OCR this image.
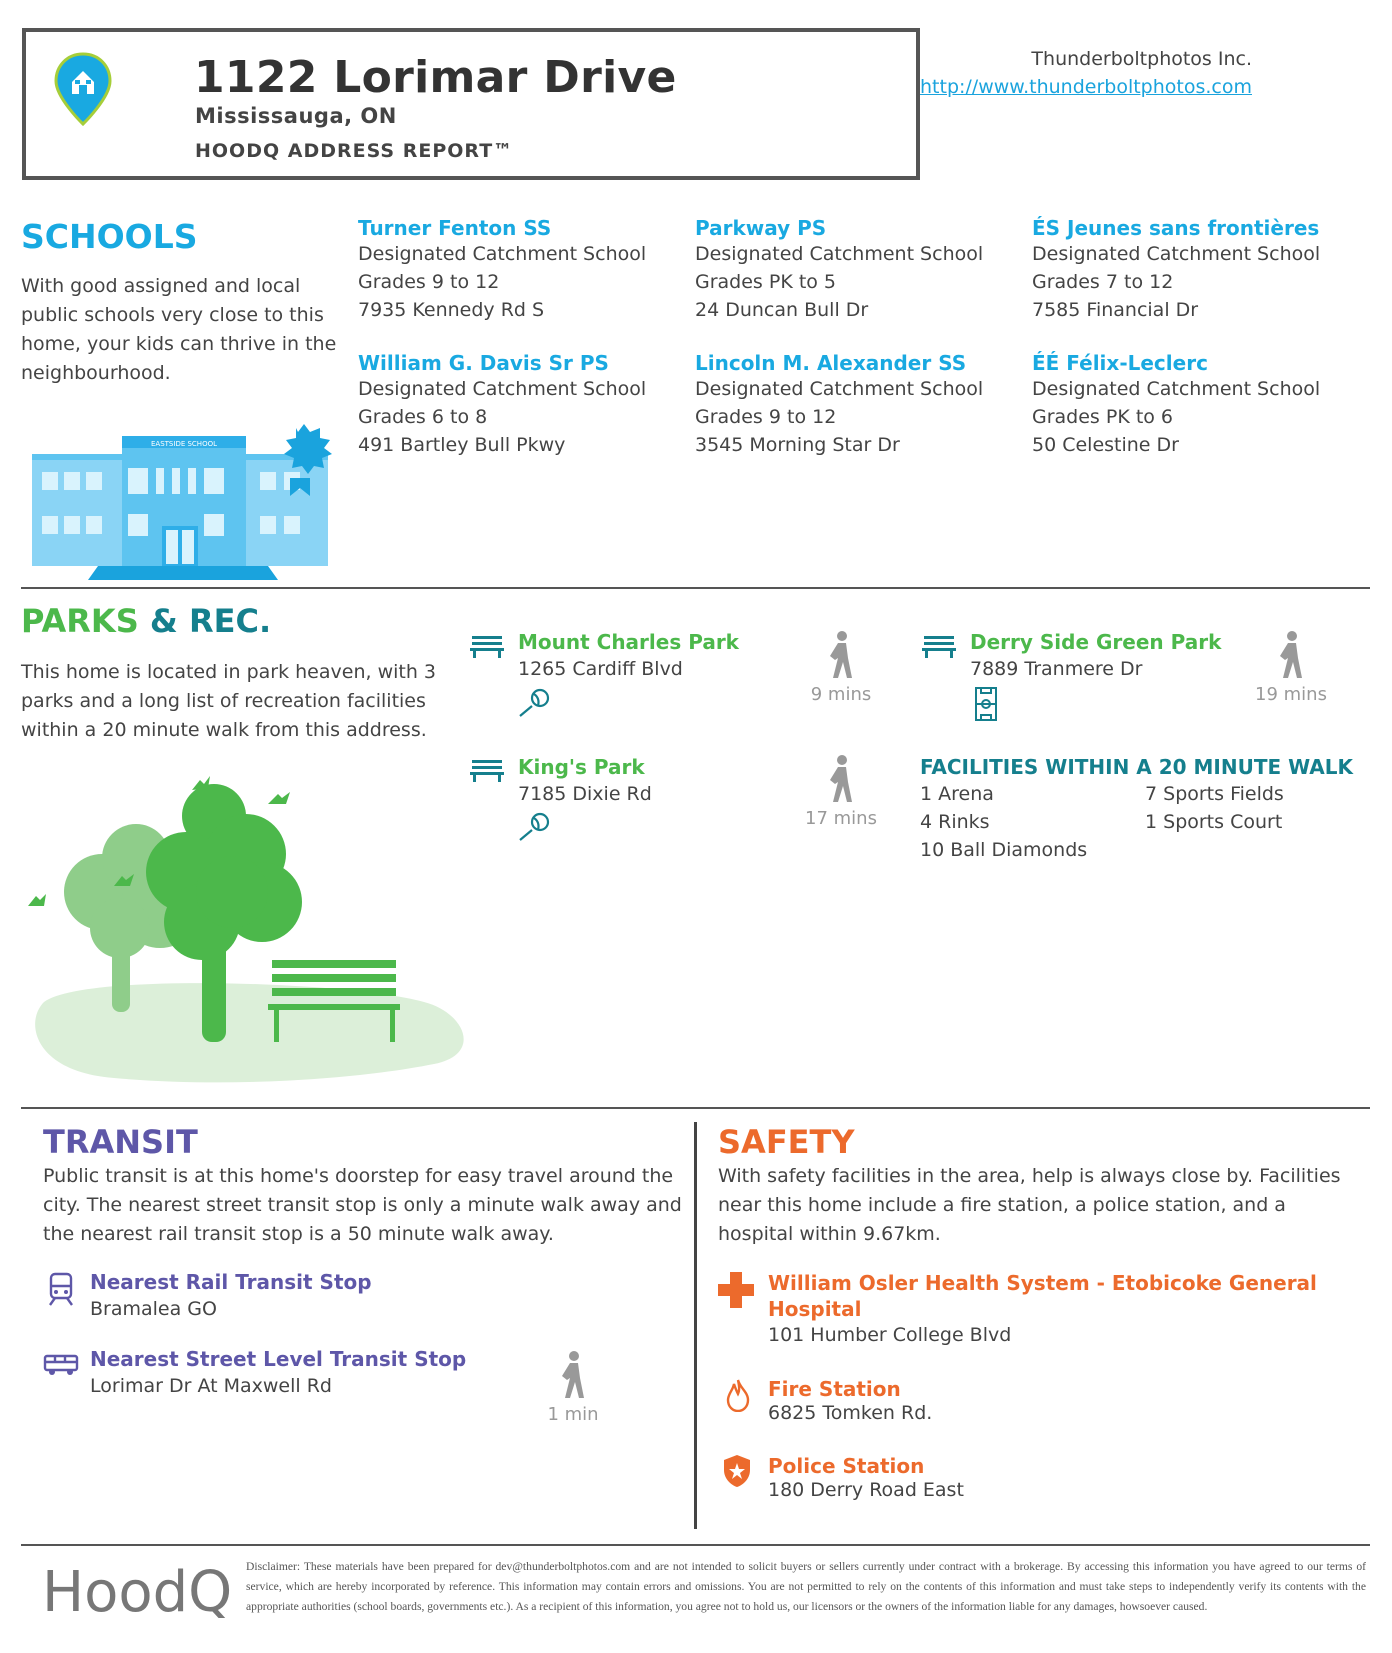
1122 Lorimar Drive
Mississauga, ON
HOODQ ADDRESS REPORT™
Thunderboltphotos Inc.
http://www.thunderboltphotos.com
SCHOOLS
With good assigned and local public schools very close to this home, your kids can thrive in the neighbourhood.
EASTSIDE SCHOOL
Turner Fenton SS
Designated Catchment School
Grades 9 to 12
7935 Kennedy Rd S
Parkway PS
Designated Catchment School
Grades PK to 5
24 Duncan Bull Dr
ÉS Jeunes sans frontières
Designated Catchment School
Grades 7 to 12
7585 Financial Dr
William G. Davis Sr PS
Designated Catchment School
Grades 6 to 8
491 Bartley Bull Pkwy
Lincoln M. Alexander SS
Designated Catchment School
Grades 9 to 12
3545 Morning Star Dr
ÉÉ Félix-Leclerc
Designated Catchment School
Grades PK to 6
50 Celestine Dr
PARKS & REC.
This home is located in park heaven, with 3 parks and a long list of recreation facilities within a 20 minute walk from this address.
Mount Charles Park
1265 Cardiff Blvd
9 mins
Derry Side Green Park
7889 Tranmere Dr
19 mins
King's Park
7185 Dixie Rd
17 mins
FACILITIES WITHIN A 20 MINUTE WALK
1 Arena
4 Rinks
10 Ball Diamonds
7 Sports Fields
1 Sports Court
TRANSIT
Public transit is at this home's doorstep for easy travel around the city. The nearest street transit stop is only a minute walk away and the nearest rail transit stop is a 50 minute walk away.
Nearest Rail Transit Stop
Bramalea GO
Nearest Street Level Transit Stop
Lorimar Dr At Maxwell Rd
1 min
SAFETY
With safety facilities in the area, help is always close by. Facilities near this home include a fire station, a police station, and a hospital within 9.67km.
William Osler Health System - Etobicoke General
Hospital
101 Humber College Blvd
Fire Station
6825 Tomken Rd.
Police Station
180 Derry Road East
HoodQ Disclaimer: These materials have been prepared for dev@thunderboltphotos.com and are not intended to solicit buyers or sellers currently under contract with a brokerage. By accessing this information you have agreed to our terms of service, which are hereby incorporated by reference. This information may contain errors and omissions. You are not permitted to rely on the contents of this information and must take steps to independently verify its contents with the appropriate authorities (school boards, governments etc.). As a recipient of this information, you agree not to hold us, our licensors or the owners of the information liable for any damages, howsoever caused.
